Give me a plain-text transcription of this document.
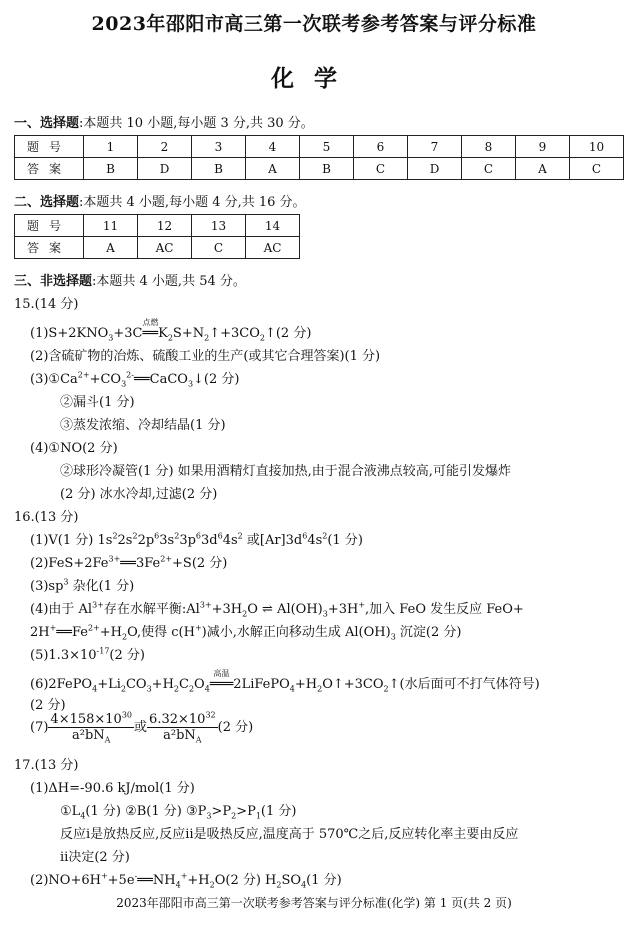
2023年邵阳市高三第一次联考参考答案与评分标准
化学
一、选择题:本题共 10 小题,每小题 3 分,共 30 分。
题号	1	2	3	4	5	6	7	8	9	10
答案	B	D	B	A	B	C	D	C	A	C
二、选择题:本题共 4 小题,每小题 4 分,共 16 分。
题号	11	12	13	14
答案	A	AC	C	AC
三、非选择题:本题共 4 小题,共 54 分。
15.(14 分)
$(1)S+2KNO_3+3C$
点燃
$══K_2S+N_2↑+3CO_2↑(2$ 分)
(2)含硫矿物的冶炼、硫酸工业的生产(或其它合理答案)(1 分)
$(3)①Ca^{2+}+CO_3^{2-}══CaCO_3↓(2$ 分)
②漏斗(1 分)
③蒸发浓缩、冷却结晶(1 分)
(4)①NO(2 分)
②球形冷凝管(1 分) 如果用酒精灯直接加热,由于混合液沸点较高,可能引发爆炸
(2 分) 冰水冷却,过滤(2 分)
16.(13 分)
(1)V(1 分) $1s^22s^22p^63s^23p^63d^64s^2$ 或$[Ar]3d^64s^2(1$ 分)
$(2)FeS+2Fe^{3+}══3Fe^{2+}+S(2$ 分)
$(3)sp^3$ 杂化(1 分)
(4)由于 $Al^{3+}$存在水解平衡$:Al^{3+}+3H_2O$ ⇌ $Al(OH)_3+3H^+$,加入 FeO 发生反应 FeO+
$2H^+══Fe^{2+}+H_2O$,使得 c(H+)减小,水解正向移动生成 $Al(OH)_3$ 沉淀(2 分)
$(5)1.3\times 10^{-17}(2$ 分)
$(6)2FePO_4+Li_2CO_3+H_2C_2O_4$
高温
$═══2LiFePO_4+H_2O↑+3CO_2↑$(水后面可不打气体符号)
(2 分)
$(7) \frac{4\times 158\times 10^{30}}{a^2bN_A}$ 或 $\frac{6.32\times 10^{32}}{a^2bN_A} (2$ 分)
17.(13 分)
(1)ΔH=-90.6 kJ/mol(1 分)
$①L_4(1$ 分) ②B(1 分) $③P_3>P_2>P_1(1$ 分)
反应ⅰ是放热反应,反应ⅱ是吸热反应,温度高于 570℃之后,反应转化率主要由反应
ⅱ决定(2 分)
$(2)NO+6H^++5e^-══NH_4^++H_2O(2$ 分) $H_2SO_4(1$ 分)
2023年邵阳市高三第一次联考参考答案与评分标准(化学) 第 1 页(共 2 页)
